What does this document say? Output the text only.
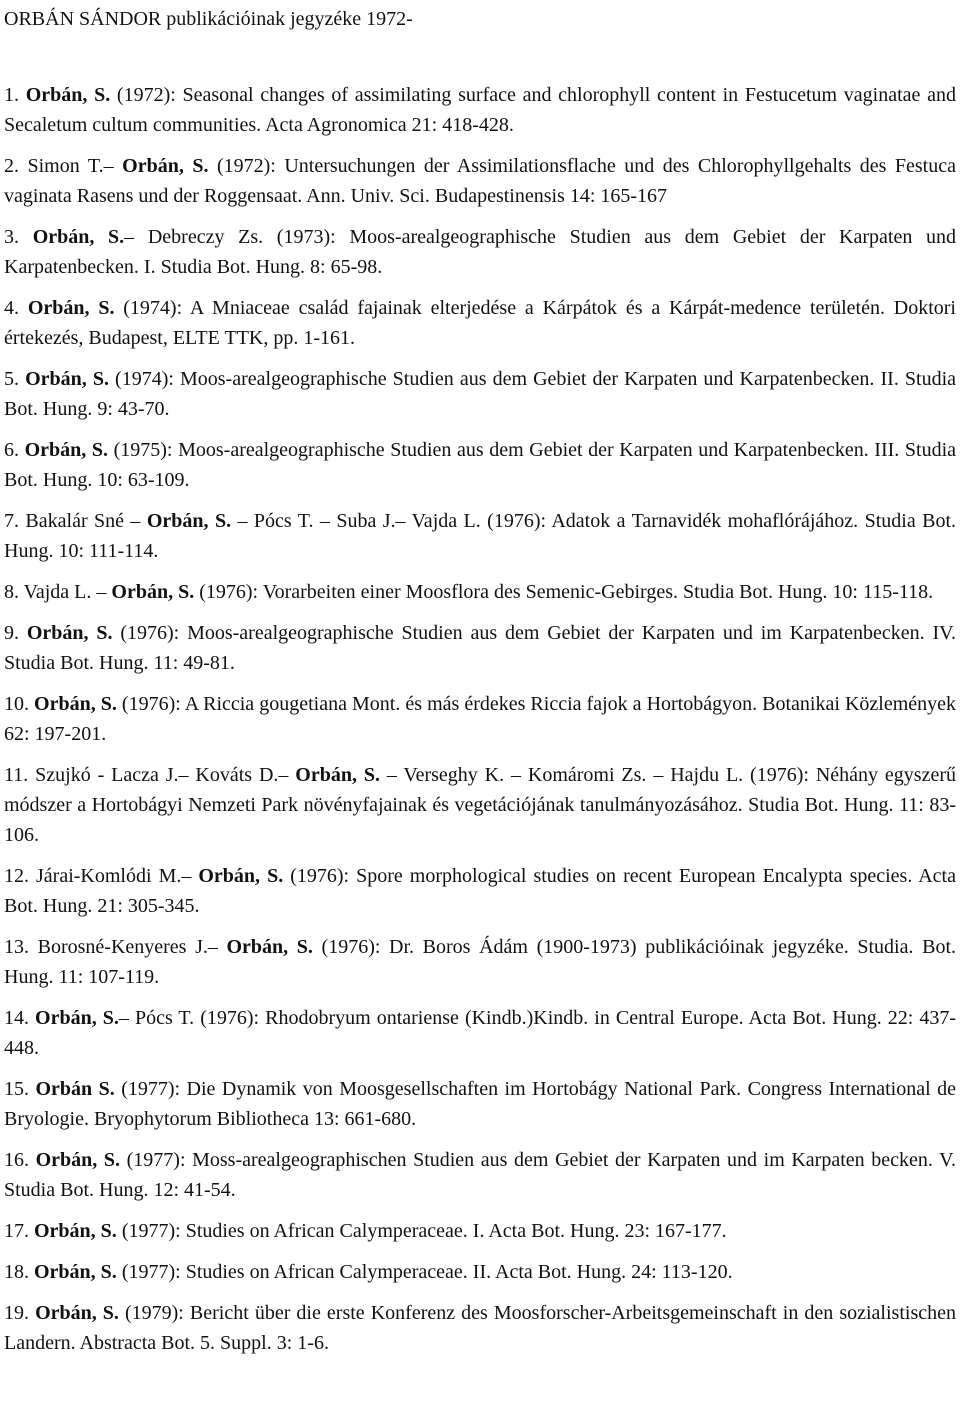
ORBÁN SÁNDOR publikációinak jegyzéke 1972-
1. Orbán, S. (1972): Seasonal changes of assimilating surface and chlorophyll content in Festucetum vaginatae and Secaletum cultum communities. Acta Agronomica 21: 418-428.
2. Simon T.– Orbán, S. (1972): Untersuchungen der Assimilationsflache und des Chlorophyllgehalts des Festuca vaginata Rasens und der Roggensaat. Ann. Univ. Sci. Budapestinensis 14: 165-167
3. Orbán, S.– Debreczy Zs. (1973): Moos-arealgeographische Studien aus dem Gebiet der Karpaten und Karpatenbecken. I. Studia Bot. Hung. 8: 65-98.
4. Orbán, S. (1974): A Mniaceae család fajainak elterjedése a Kárpátok és a Kárpát-medence területén. Doktori értekezés, Budapest, ELTE TTK, pp. 1-161.
5. Orbán, S. (1974): Moos-arealgeographische Studien aus dem Gebiet der Karpaten und Karpatenbecken. II. Studia Bot. Hung. 9: 43-70.
6. Orbán, S. (1975): Moos-arealgeographische Studien aus dem Gebiet der Karpaten und Karpatenbecken. III. Studia Bot. Hung. 10: 63-109.
7. Bakalár Sné – Orbán, S. – Pócs T. – Suba J.– Vajda L. (1976): Adatok a Tarnavidék mohaflórájához. Studia Bot. Hung. 10: 111-114.
8. Vajda L. – Orbán, S. (1976): Vorarbeiten einer Moosflora des Semenic-Gebirges. Studia Bot. Hung. 10: 115-118.
9. Orbán, S. (1976): Moos-arealgeographische Studien aus dem Gebiet der Karpaten und im Karpatenbecken. IV. Studia Bot. Hung. 11: 49-81.
10. Orbán, S. (1976): A Riccia gougetiana Mont. és más érdekes Riccia fajok a Hortobágyon. Botanikai Közlemények 62: 197-201.
11. Szujkó - Lacza J.– Kováts D.– Orbán, S. – Verseghy K. – Komáromi Zs. – Hajdu L. (1976): Néhány egyszerű módszer a Hortobágyi Nemzeti Park növényfajainak és vegetációjának tanulmányozásához. Studia Bot. Hung. 11: 83-106.
12. Járai-Komlódi M.– Orbán, S. (1976): Spore morphological studies on recent European Encalypta species. Acta Bot. Hung. 21: 305-345.
13. Borosné-Kenyeres J.– Orbán, S. (1976): Dr. Boros Ádám (1900-1973) publikációinak jegyzéke. Studia. Bot. Hung. 11: 107-119.
14. Orbán, S.– Pócs T. (1976): Rhodobryum ontariense (Kindb.)Kindb. in Central Europe. Acta Bot. Hung. 22: 437-448.
15. Orbán S. (1977): Die Dynamik von Moosgesellschaften im Hortobágy National Park. Congress International de Bryologie. Bryophytorum Bibliotheca 13: 661-680.
16. Orbán, S. (1977): Moss-arealgeographischen Studien aus dem Gebiet der Karpaten und im Karpaten becken. V. Studia Bot. Hung. 12: 41-54.
17. Orbán, S. (1977): Studies on African Calymperaceae. I. Acta Bot. Hung. 23: 167-177.
18. Orbán, S. (1977): Studies on African Calymperaceae. II. Acta Bot. Hung. 24: 113-120.
19. Orbán, S. (1979): Bericht über die erste Konferenz des Moosforscher-Arbeitsgemeinschaft in den sozialistischen Landern. Abstracta Bot. 5. Suppl. 3: 1-6.
